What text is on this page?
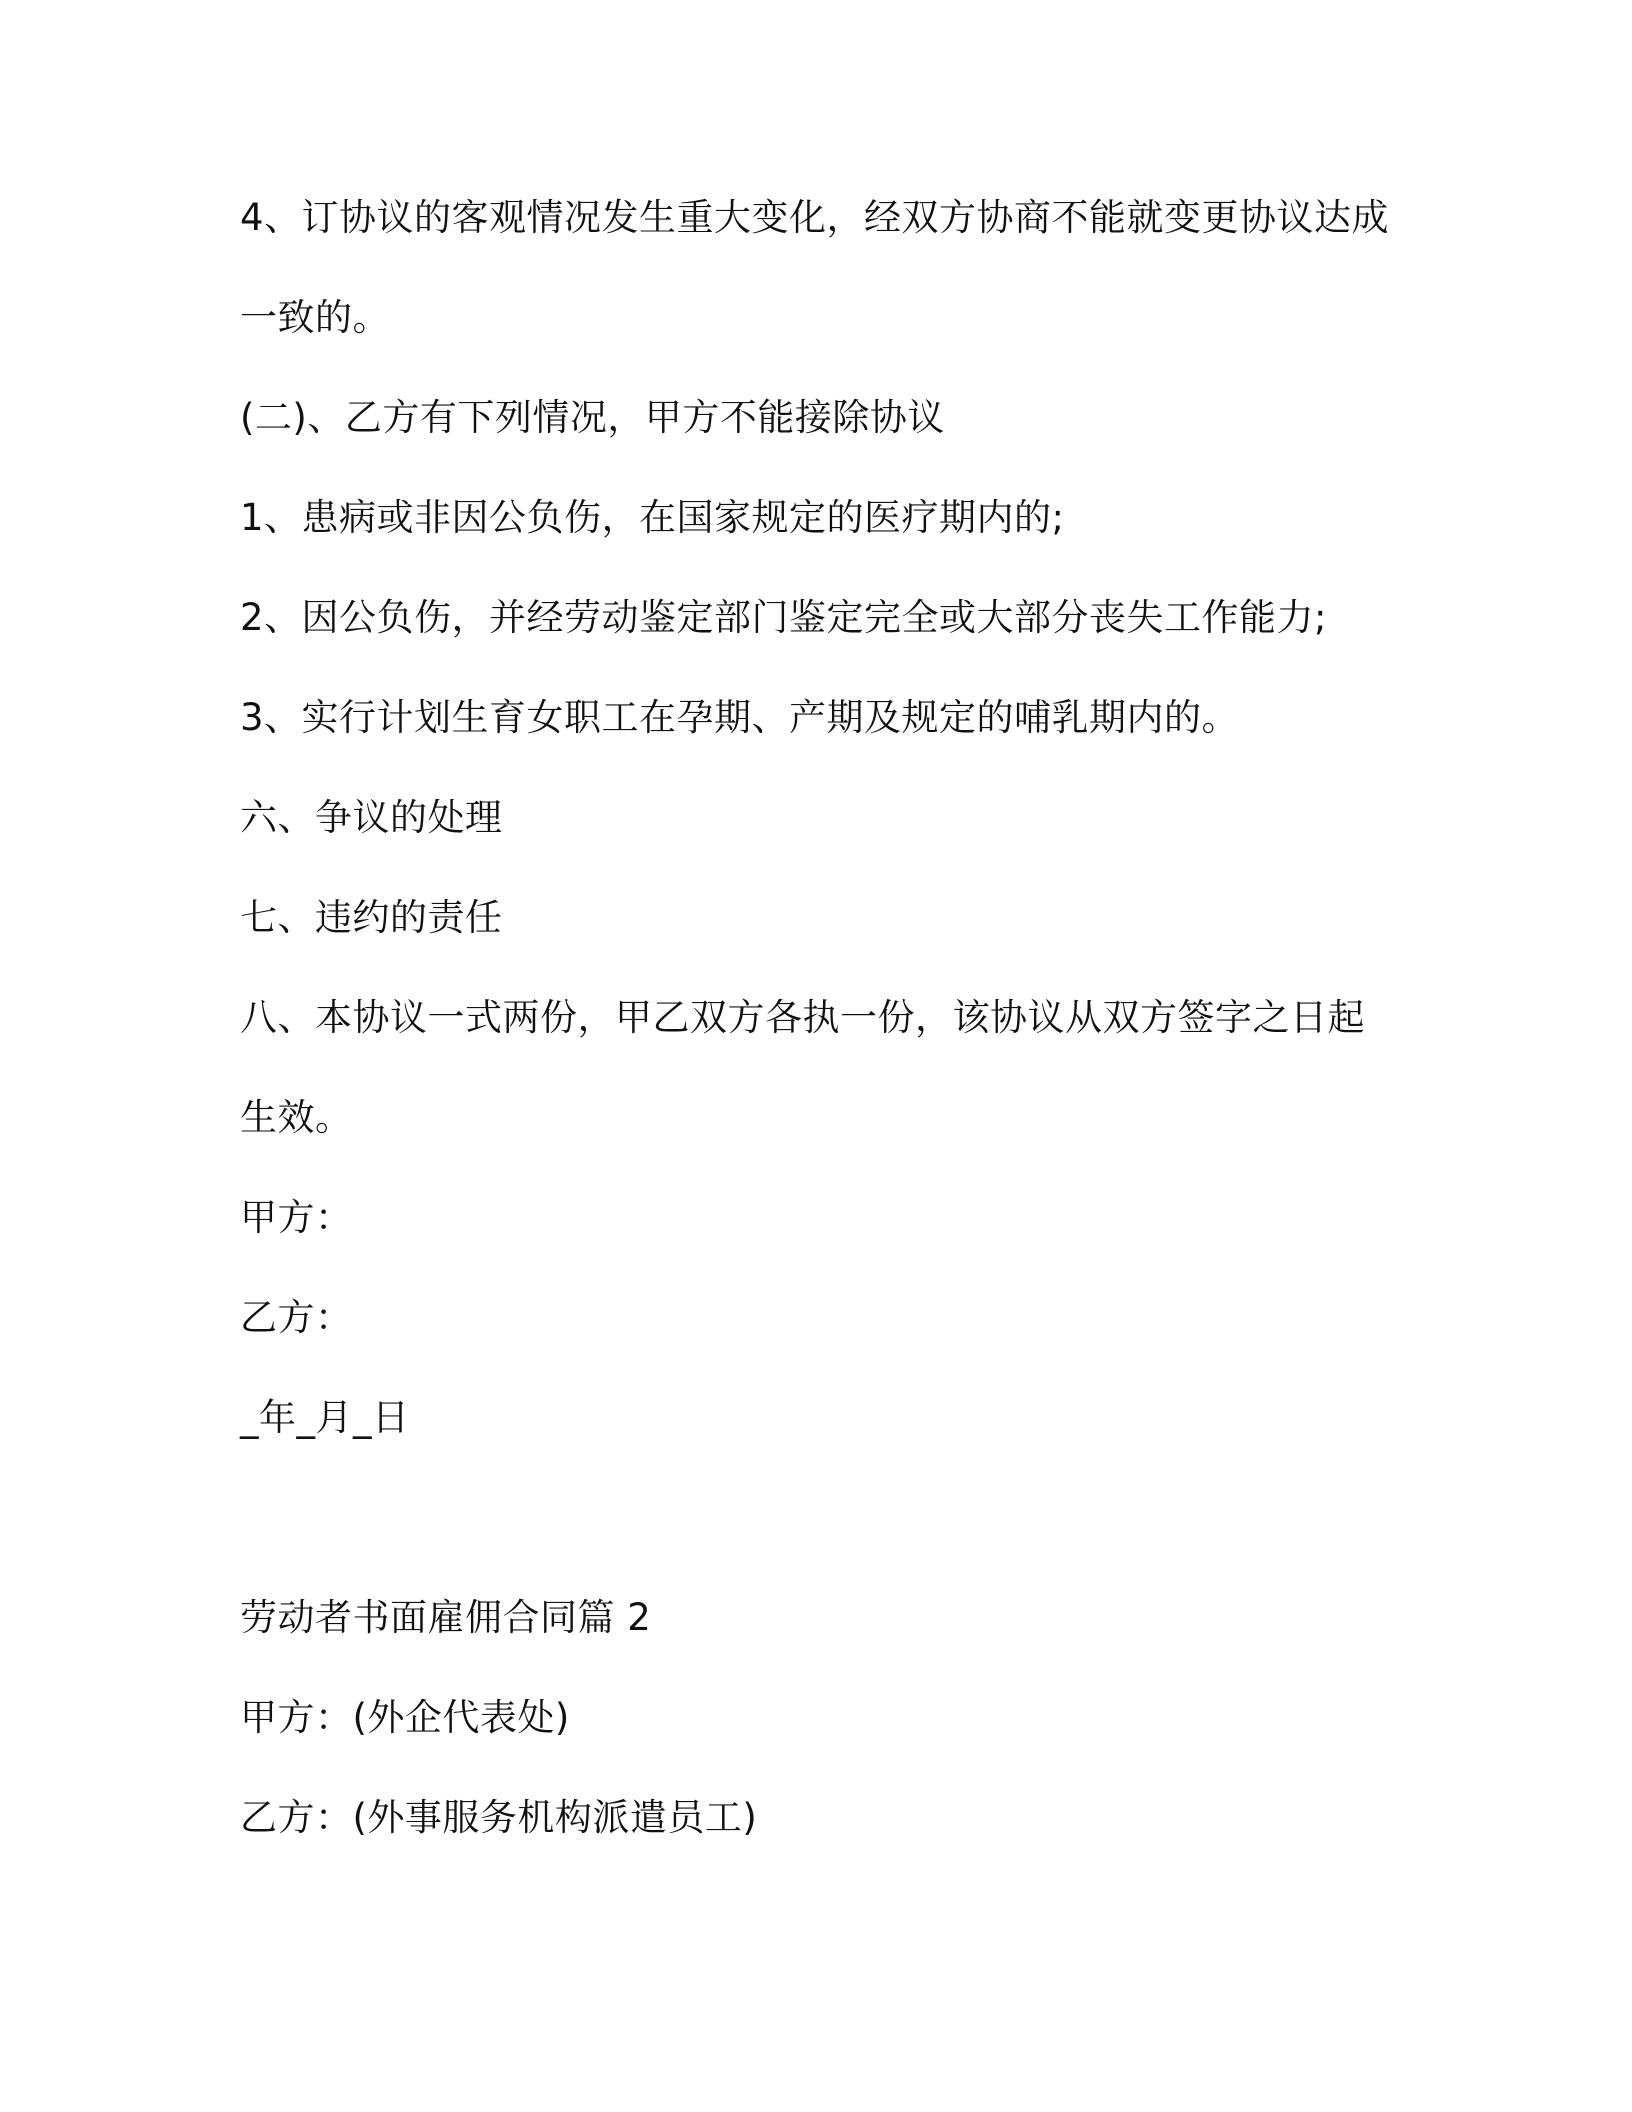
4、订协议的客观情况发生重大变化，经双方协商不能就变更协议达成

一致的。

(二)、乙方有下列情况，甲方不能接除协议

1、患病或非因公负伤，在国家规定的医疗期内的;

2、因公负伤，并经劳动鉴定部门鉴定完全或大部分丧失工作能力;

3、实行计划生育女职工在孕期、产期及规定的哺乳期内的。

六、争议的处理

七、违约的责任

八、本协议一式两份，甲乙双方各执一份，该协议从双方签字之日起

生效。

甲方：

乙方：

_年_月_日

劳动者书面雇佣合同篇 2

甲方：(外企代表处)

乙方：(外事服务机构派遣员工)
